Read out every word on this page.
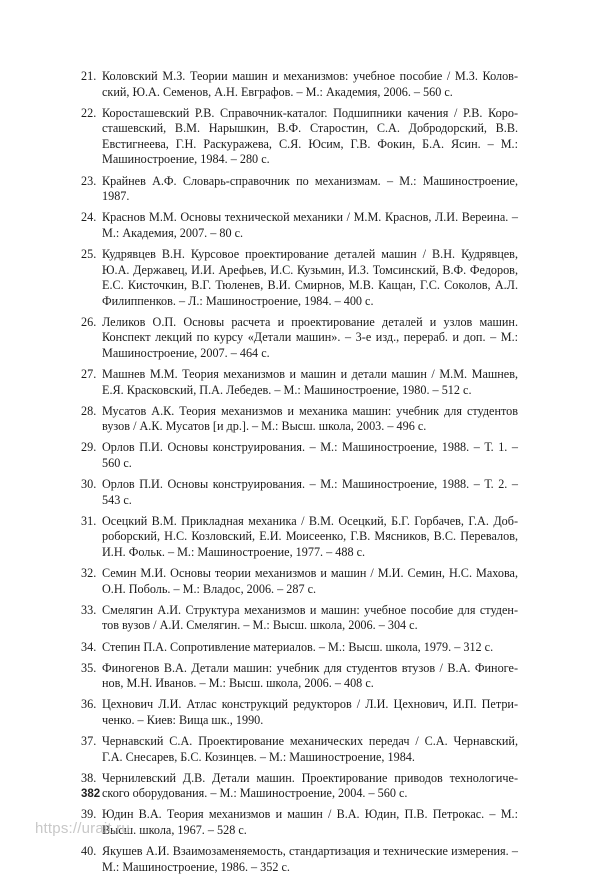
21. Коловский М.З. Теории машин и механизмов: учебное пособие / М.З. Коловский, Ю.А. Семенов, А.Н. Евграфов. – М.: Академия, 2006. – 560 с.
22. Коросташевский Р.В. Справочник-каталог. Подшипники качения / Р.В. Коросташевский, В.М. Нарышкин, В.Ф. Старостин, С.А. Добродорский, В.В. Евстигнеева, Г.Н. Раскуражева, С.Я. Юсим, Г.В. Фокин, Б.А. Ясин. – М.: Машиностроение, 1984. – 280 с.
23. Крайнев А.Ф. Словарь-справочник по механизмам. – М.: Машиностроение, 1987.
24. Краснов М.М. Основы технической механики / М.М. Краснов, Л.И. Вереина. – М.: Академия, 2007. – 80 с.
25. Кудрявцев В.Н. Курсовое проектирование деталей машин / В.Н. Кудрявцев, Ю.А. Державец, И.И. Арефьев, И.С. Кузьмин, И.З. Томсинский, В.Ф. Федоров, Е.С. Кисточкин, В.Г. Тюленев, В.И. Смирнов, М.В. Кащан, Г.С. Соколов, А.Л. Филиппенков. – Л.: Машиностроение, 1984. – 400 с.
26. Леликов О.П. Основы расчета и проектирование деталей и узлов машин. Конспект лекций по курсу «Детали машин». – 3-е изд., перераб. и доп. – М.: Машиностроение, 2007. – 464 с.
27. Машнев М.М. Теория механизмов и машин и детали машин / М.М. Машнев, Е.Я. Красковский, П.А. Лебедев. – М.: Машиностроение, 1980. – 512 с.
28. Мусатов А.К. Теория механизмов и механика машин: учебник для студентов вузов / А.К. Мусатов [и др.]. – М.: Высш. школа, 2003. – 496 с.
29. Орлов П.И. Основы конструирования. – М.: Машиностроение, 1988. – Т. 1. – 560 с.
30. Орлов П.И. Основы конструирования. – М.: Машиностроение, 1988. – Т. 2. – 543 с.
31. Осецкий В.М. Прикладная механика / В.М. Осецкий, Б.Г. Горбачев, Г.А. Доброборский, Н.С. Козловский, Е.И. Моисеенко, Г.В. Мясников, В.С. Перевалов, И.Н. Фольк. – М.: Машиностроение, 1977. – 488 с.
32. Семин М.И. Основы теории механизмов и машин / М.И. Семин, Н.С. Махова, О.Н. Поболь. – М.: Владос, 2006. – 287 с.
33. Смелягин А.И. Структура механизмов и машин: учебное пособие для студентов вузов / А.И. Смелягин. – М.: Высш. школа, 2006. – 304 с.
34. Степин П.А. Сопротивление материалов. – М.: Высш. школа, 1979. – 312 с.
35. Финогенов В.А. Детали машин: учебник для студентов втузов / В.А. Финогенов, М.Н. Иванов. – М.: Высш. школа, 2006. – 408 с.
36. Цехнович Л.И. Атлас конструкций редукторов / Л.И. Цехнович, И.П. Петриченко. – Киев: Вища шк., 1990.
37. Чернавский С.А. Проектирование механических передач / С.А. Чернавский, Г.А. Снесарев, Б.С. Козинцев. – М.: Машиностроение, 1984.
38. Чернилевский Д.В. Детали машин. Проектирование приводов технологического оборудования. – М.: Машиностроение, 2004. – 560 с.
39. Юдин В.А. Теория механизмов и машин / В.А. Юдин, П.В. Петрокас. – М.: Высш. школа, 1967. – 528 с.
40. Якушев А.И. Взаимозаменяемость, стандартизация и технические измерения. – М.: Машиностроение, 1986. – 352 с.
382
https://urait.ru
